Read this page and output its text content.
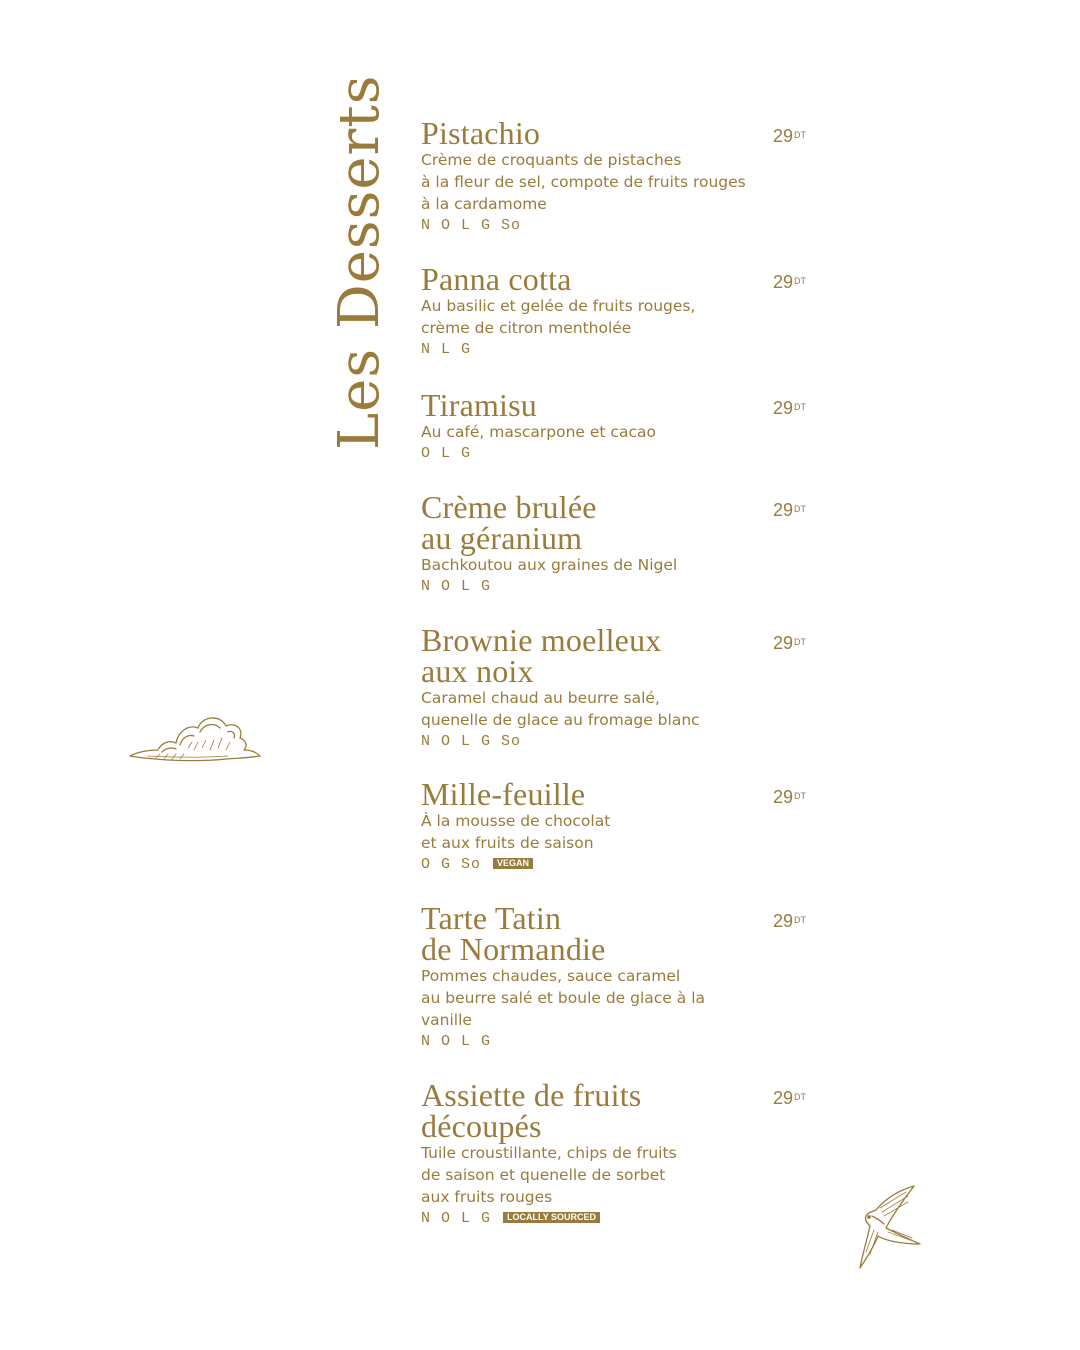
Les Desserts Pistachio	$29^{DT}$
Crème de croquants de pistaches
à la fleur de sel, compote de fruits rouges
à la cardamome
N O L G So
Panna cotta	$29^{DT}$
Au basilic et gelée de fruits rouges,
crème de citron mentholée
N L G
Tiramisu	$29^{DT}$
Au café, mascarpone et cacao
O L G
Crème brulée
au géranium
$29^{DT}$
Bachkoutou aux graines de Nigel
N O L G
Brownie moelleux
aux noix
$29^{DT}$
Caramel chaud au beurre salé,
quenelle de glace au fromage blanc
N O L G So
Mille-feuille	$29^{DT}$
À la mousse de chocolat
et aux fruits de saison
O G So VEGAN
Tarte Tatin
de Normandie
$29^{DT}$
Pommes chaudes, sauce caramel
au beurre salé et boule de glace à la
vanille
N O L G
Assiette de fruits
découpés
$29^{DT}$
Tuile croustillante, chips de fruits
de saison et quenelle de sorbet
aux fruits rouges
N O L G LOCALLY SOURCED
